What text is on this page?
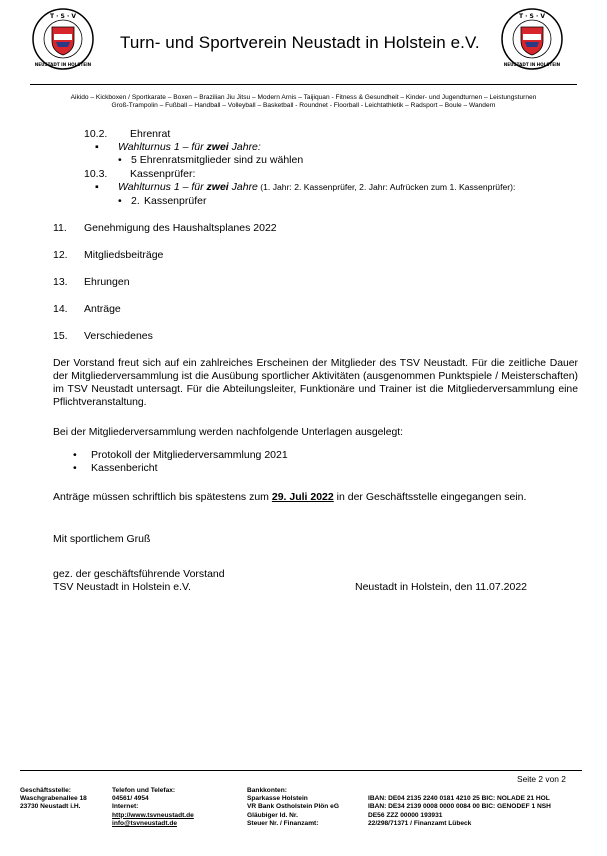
T · S · V
NEUSTADT IN HOLSTEIN
T · S · V
NEUSTADT IN HOLSTEIN
Turn- und Sportverein Neustadt in Holstein e.V.
Aikido – Kickboxen / Sportkarate – Boxen – Brazilian Jiu Jitsu – Modern Arnis – Taijiquan - Fitness & Gesundheit – Kinder- und Jugendturnen – Leistungsturnen
Groß-Trampolin – Fußball – Handball – Volleyball – Basketball - Roundnet - Floorball - Leichtathletik – Radsport – Boule – Wandern
10.2. Ehrenrat
▪ Wahlturnus 1 – für zwei Jahre:
• 5 Ehrenratsmitglieder sind zu wählen
10.3. Kassenprüfer:
▪ Wahlturnus 1 – für zwei Jahre (1. Jahr: 2. Kassenprüfer, 2. Jahr: Aufrücken zum 1. Kassenprüfer):
• 2. Kassenprüfer
11. Genehmigung des Haushaltsplanes 2022
12. Mitgliedsbeiträge
13. Ehrungen
14. Anträge
15. Verschiedenes
Der Vorstand freut sich auf ein zahlreiches Erscheinen der Mitglieder des TSV Neustadt. Für die zeitliche Dauer der Mitgliederversammlung ist die Ausübung sportlicher Aktivitäten (ausgenommen Punktspiele / Meisterschaften) im TSV Neustadt untersagt. Für die Abteilungsleiter, Funktionäre und Trainer ist die Mitgliederversammlung eine Pflichtveranstaltung.
Bei der Mitgliederversammlung werden nachfolgende Unterlagen ausgelegt:
• Protokoll der Mitgliederversammlung 2021
• Kassenbericht
Anträge müssen schriftlich bis spätestens zum 29. Juli 2022 in der Geschäftsstelle eingegangen sein.
Mit sportlichem Gruß
gez. der geschäftsführende Vorstand
TSV Neustadt in Holstein e.V.	Neustadt in Holstein, den 11.07.2022
Seite 2 von 2
Geschäftsstelle:
Waschgrabenallee 18
23730 Neustadt i.H.
Telefon und Telefax:
04561/ 4954
Internet:
http://www.tsvneustadt.de
info@tsvneustadt.de
Bankkonten:
Sparkasse Holstein
VR Bank Ostholstein Plön eG
Gläubiger Id. Nr.
Steuer Nr. / Finanzamt:

IBAN: DE04 2135 2240 0181 4210 25 BIC: NOLADE 21 HOL
IBAN: DE34 2139 0008 0000 0084 00 BIC: GENODEF 1 NSH
DE56 ZZZ 00000 193931
22/298/71371 / Finanzamt Lübeck
